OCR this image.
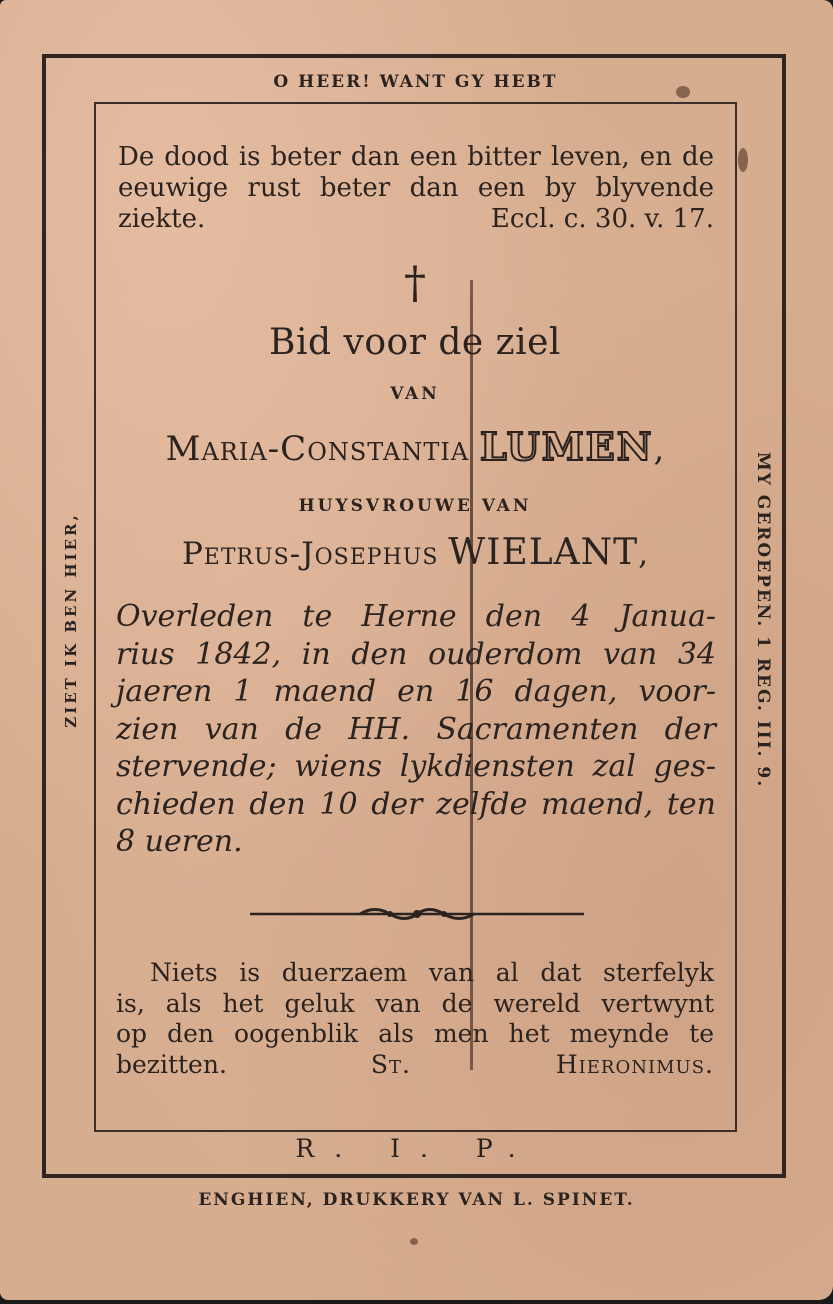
O HEER! WANT GY HEBT
ZIET IK BEN HIER,	MY GEROEPEN. 1 REG. III. 9.
De dood is beter dan een bitter leven, en de eeuwige rust beter dan een by blyvende ziekte.	Eccl. c. 30. v. 17.
†
Bid voor de ziel
VAN
Maria-Constantia LUMEN,
HUYSVROUWE VAN
Petrus-Josephus WIELANT,
Overleden te Herne den 4 Janua-
rius 1842, in den ouderdom van 34
jaeren 1 maend en 16 dagen, voor-
zien van de HH. Sacramenten der
stervende; wiens lykdiensten zal ges-
chieden den 10 der zelfde maend, ten
8 ueren.
Niets is duerzaem van al dat sterfelyk
is, als het geluk van de wereld vertwynt
op den oogenblik als men het meynde te
bezitten.	St. Hieronimus.
R. I. P.
ENGHIEN, DRUKKERY VAN L. SPINET.
